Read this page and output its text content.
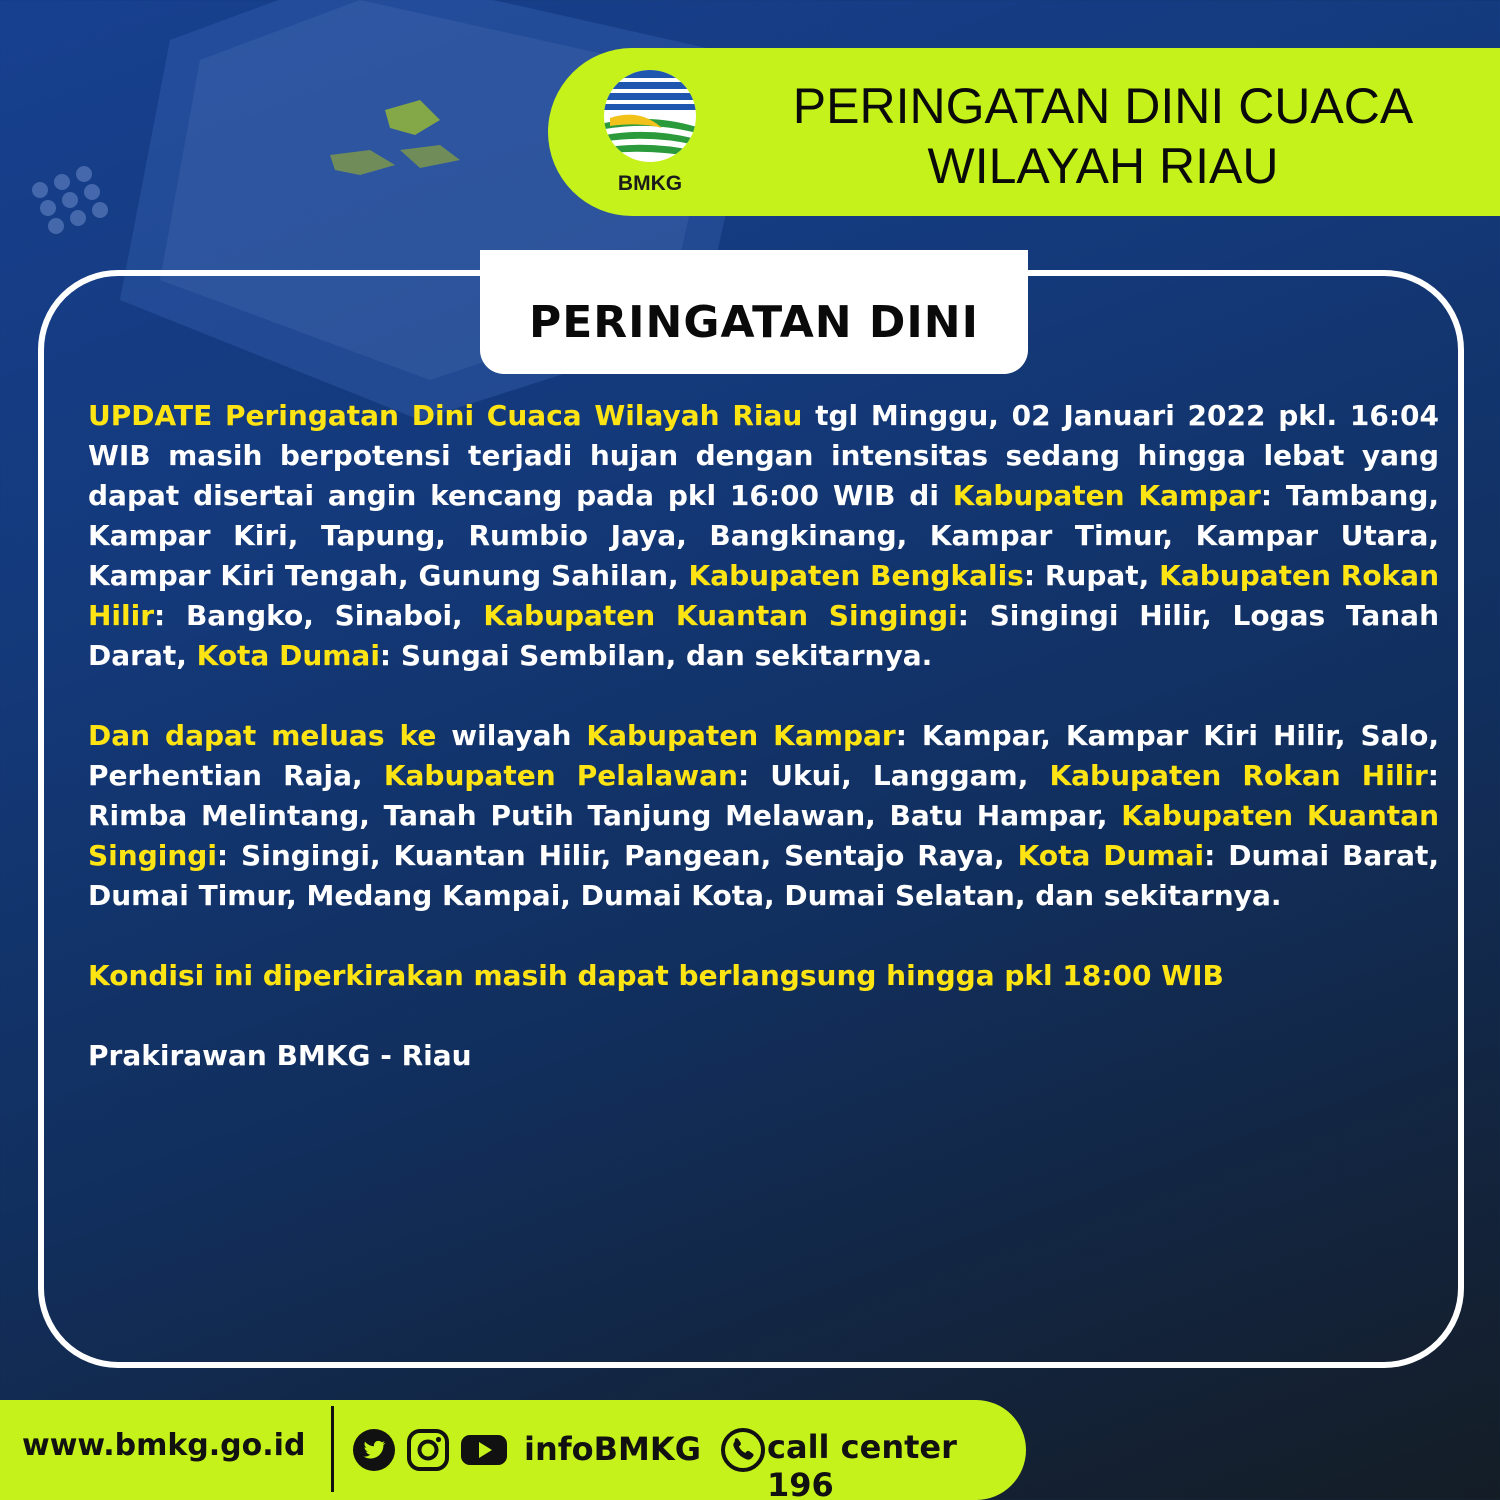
BMKG
PERINGATAN DINI CUACA
WILAYAH RIAU
PERINGATAN DINI

UPDATE Peringatan Dini Cuaca Wilayah Riau tgl Minggu, 02 Januari 2022 pkl. 16:04 WIB masih berpotensi terjadi hujan dengan intensitas sedang hingga lebat yang dapat disertai angin kencang pada pkl 16:00 WIB di Kabupaten Kampar: Tambang, Kampar Kiri, Tapung, Rumbio Jaya, Bangkinang, Kampar Timur, Kampar Utara, Kampar Kiri Tengah, Gunung Sahilan, Kabupaten Bengkalis: Rupat, Kabupaten Rokan Hilir: Bangko, Sinaboi, Kabupaten Kuantan Singingi: Singingi Hilir, Logas Tanah Darat, Kota Dumai: Sungai Sembilan, dan sekitarnya.

Dan dapat meluas ke wilayah Kabupaten Kampar: Kampar, Kampar Kiri Hilir, Salo, Perhentian Raja, Kabupaten Pelalawan: Ukui, Langgam, Kabupaten Rokan Hilir: Rimba Melintang, Tanah Putih Tanjung Melawan, Batu Hampar, Kabupaten Kuantan Singingi: Singingi, Kuantan Hilir, Pangean, Sentajo Raya, Kota Dumai: Dumai Barat, Dumai Timur, Medang Kampai, Dumai Kota, Dumai Selatan, dan sekitarnya.

Kondisi ini diperkirakan masih dapat berlangsung hingga pkl 18:00 WIB

Prakirawan BMKG - Riau

www.bmkg.go.id	infoBMKG call center 196
